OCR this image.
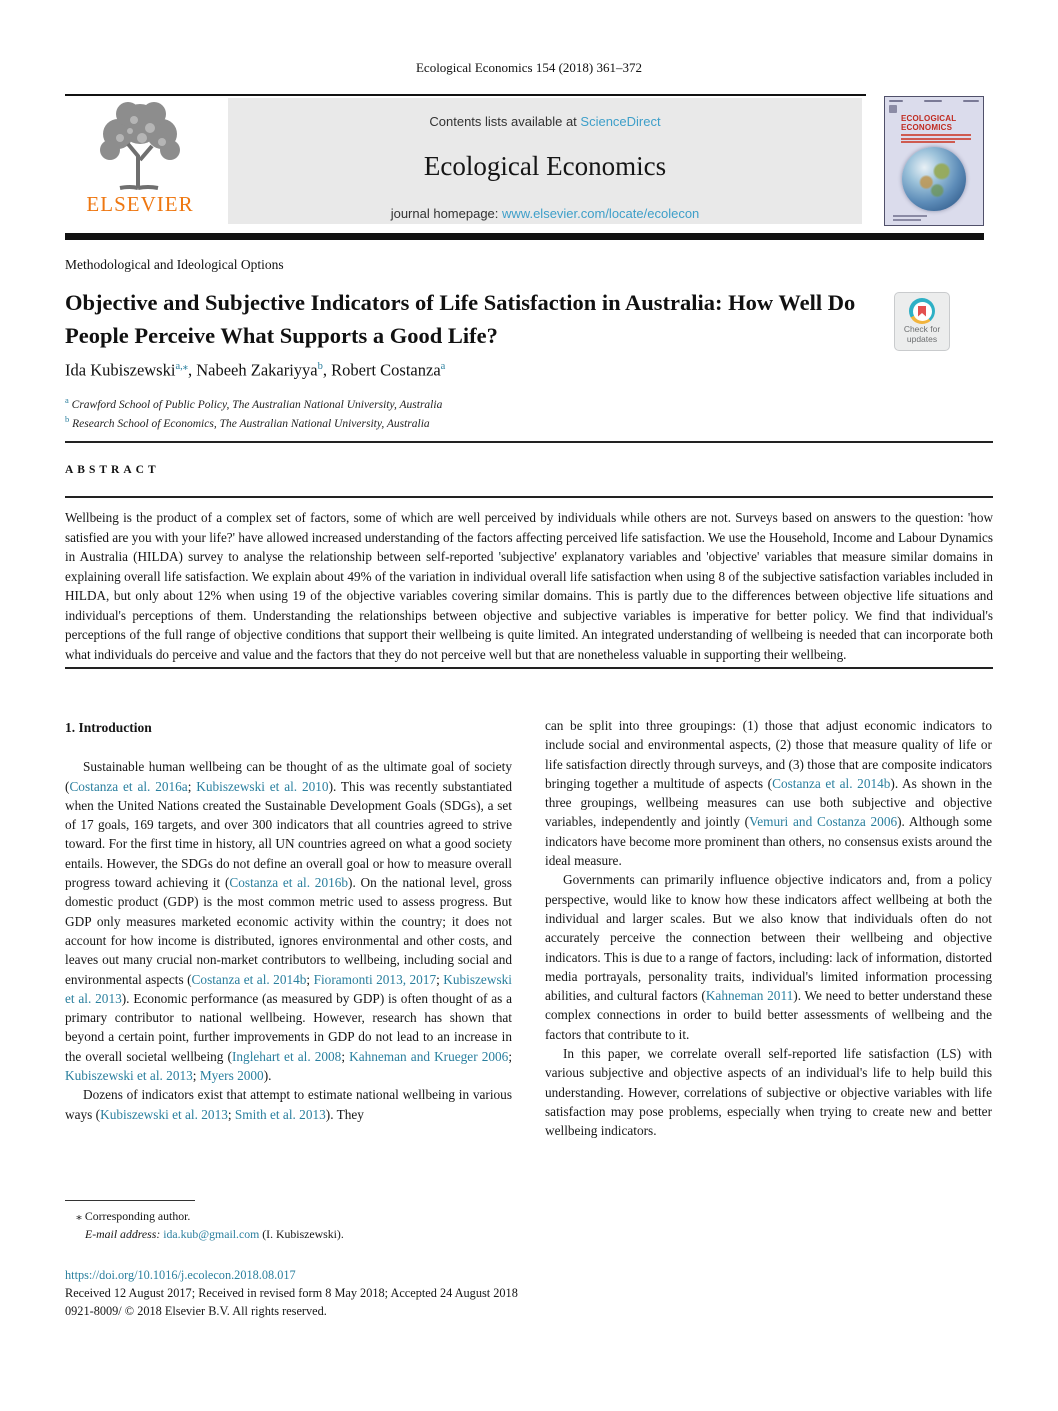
Ecological Economics 154 (2018) 361–372
ELSEVIER
Contents lists available at ScienceDirect
Ecological Economics
journal homepage: www.elsevier.com/locate/ecolecon
ECOLOGICAL ECONOMICS
Methodological and Ideological Options
Objective and Subjective Indicators of Life Satisfaction in Australia: How Well Do People Perceive What Supports a Good Life?	Check for
updates
Ida Kubiszewski$^{a,⁎}$, Nabeeh Zakariyya$^b$, Robert Costanza$^a$
$^a$ Crawford School of Public Policy, The Australian National University, Australia
$^b$ Research School of Economics, The Australian National University, Australia
ABSTRACT

Wellbeing is the product of a complex set of factors, some of which are well perceived by individuals while others are not. Surveys based on answers to the question: 'how satisfied are you with your life?' have allowed increased understanding of the factors affecting perceived life satisfaction. We use the Household, Income and Labour Dynamics in Australia (HILDA) survey to analyse the relationship between self-reported 'subjective' explanatory variables and 'objective' variables that measure similar domains in explaining overall life satisfaction. We explain about 49% of the variation in individual overall life satisfaction when using 8 of the subjective satisfaction variables included in HILDA, but only about 12% when using 19 of the objective variables covering similar domains. This is partly due to the differences between objective life situations and individual's perceptions of them. Understanding the relationships between objective and subjective variables is imperative for better policy. We find that individual's perceptions of the full range of objective conditions that support their wellbeing is quite limited. An integrated understanding of wellbeing is needed that can incorporate both what individuals do perceive and value and the factors that they do not perceive well but that are nonetheless valuable in supporting their wellbeing.

1. Introduction

Sustainable human wellbeing can be thought of as the ultimate goal of society (Costanza et al. 2016a; Kubiszewski et al. 2010). This was recently substantiated when the United Nations created the Sustainable Development Goals (SDGs), a set of 17 goals, 169 targets, and over 300 indicators that all countries agreed to strive toward. For the first time in history, all UN countries agreed on what a good society entails. However, the SDGs do not define an overall goal or how to measure overall progress toward achieving it (Costanza et al. 2016b). On the national level, gross domestic product (GDP) is the most common metric used to assess progress. But GDP only measures marketed economic activity within the country; it does not account for how income is distributed, ignores environmental and other costs, and leaves out many crucial non-market contributors to wellbeing, including social and environmental aspects (Costanza et al. 2014b; Fioramonti 2013, 2017; Kubiszewski et al. 2013). Economic performance (as measured by GDP) is often thought of as a primary contributor to national wellbeing. However, research has shown that beyond a certain point, further improvements in GDP do not lead to an increase in the overall societal wellbeing (Inglehart et al. 2008; Kahneman and Krueger 2006; Kubiszewski et al. 2013; Myers 2000).

Dozens of indicators exist that attempt to estimate national wellbeing in various ways (Kubiszewski et al. 2013; Smith et al. 2013). They

can be split into three groupings: (1) those that adjust economic indicators to include social and environmental aspects, (2) those that measure quality of life or life satisfaction directly through surveys, and (3) those that are composite indicators bringing together a multitude of aspects (Costanza et al. 2014b). As shown in the three groupings, wellbeing measures can use both subjective and objective variables, independently and jointly (Vemuri and Costanza 2006). Although some indicators have become more prominent than others, no consensus exists around the ideal measure.

Governments can primarily influence objective indicators and, from a policy perspective, would like to know how these indicators affect wellbeing at both the individual and larger scales. But we also know that individuals often do not accurately perceive the connection between their wellbeing and objective indicators. This is due to a range of factors, including: lack of information, distorted media portrayals, personality traits, individual's limited information processing abilities, and cultural factors (Kahneman 2011). We need to better understand these complex connections in order to build better assessments of wellbeing and the factors that contribute to it.

In this paper, we correlate overall self-reported life satisfaction (LS) with various subjective and objective aspects of an individual's life to help build this understanding. However, correlations of subjective or objective variables with life satisfaction may pose problems, especially when trying to create new and better wellbeing indicators.

⁎ Corresponding author.
E-mail address: ida.kub@gmail.com (I. Kubiszewski).
https://doi.org/10.1016/j.ecolecon.2018.08.017
Received 12 August 2017; Received in revised form 8 May 2018; Accepted 24 August 2018
0921-8009/ © 2018 Elsevier B.V. All rights reserved.
